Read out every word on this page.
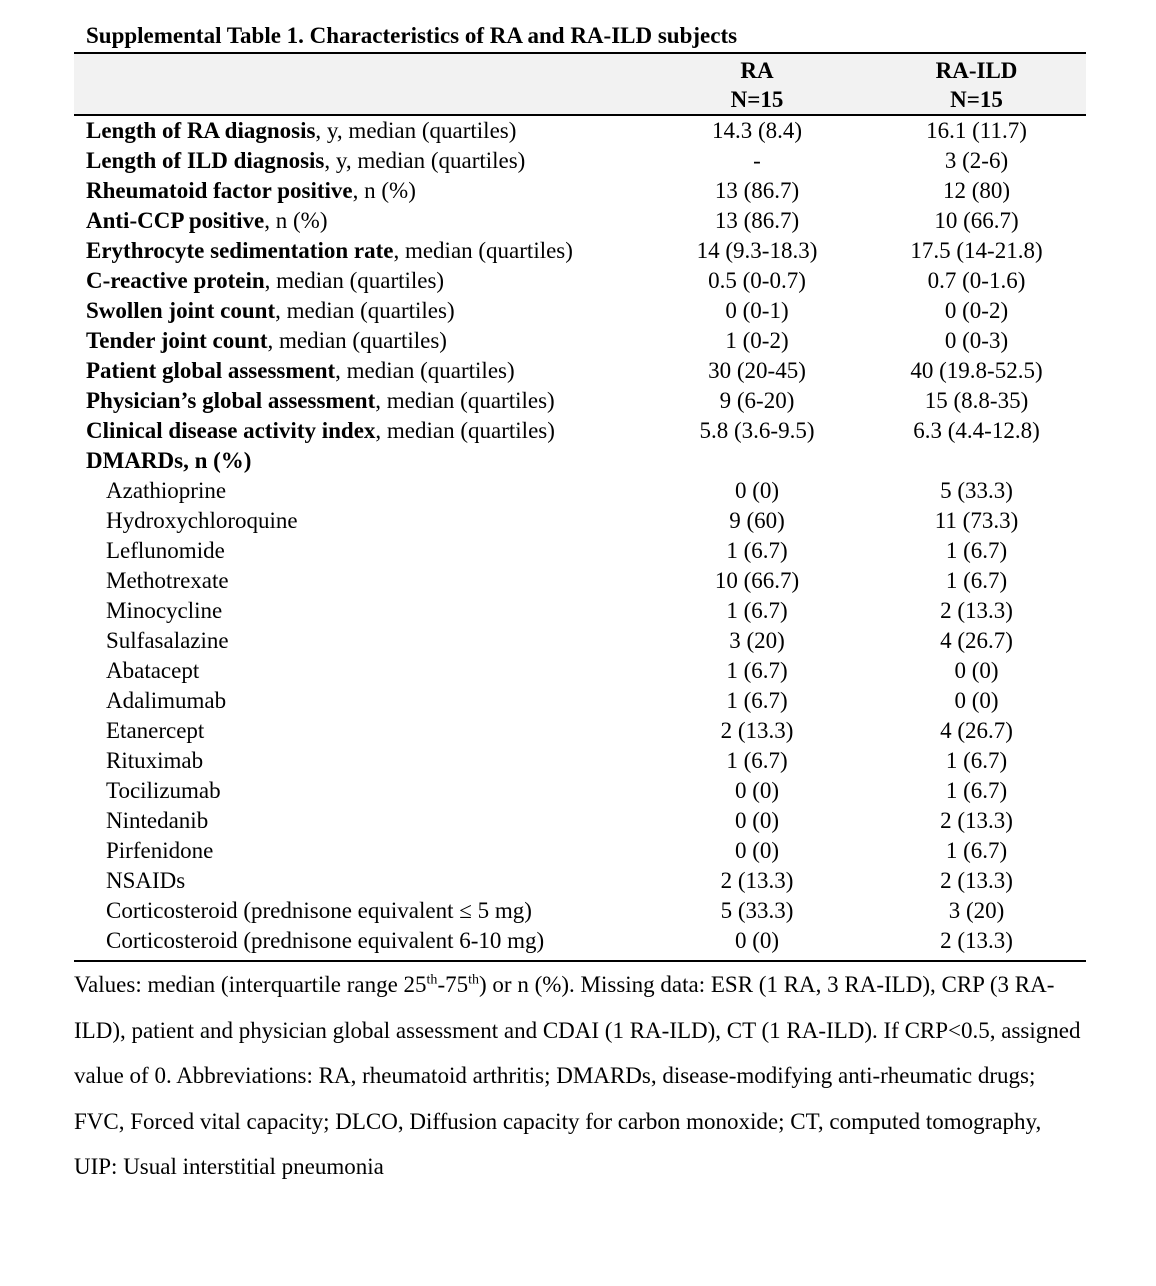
Supplemental Table 1. Characteristics of RA and RA-ILD subjects
	RA	RA-ILD
	N=15	N=15
Length of RA diagnosis, y, median (quartiles)	14.3 (8.4)	16.1 (11.7)
Length of ILD diagnosis, y, median (quartiles)	-	3 (2-6)
Rheumatoid factor positive, n (%)	13 (86.7)	12 (80)
Anti-CCP positive, n (%)	13 (86.7)	10 (66.7)
Erythrocyte sedimentation rate, median (quartiles)	14 (9.3-18.3)	17.5 (14-21.8)
C-reactive protein, median (quartiles)	0.5 (0-0.7)	0.7 (0-1.6)
Swollen joint count, median (quartiles)	0 (0-1)	0 (0-2)
Tender joint count, median (quartiles)	1 (0-2)	0 (0-3)
Patient global assessment, median (quartiles)	30 (20-45)	40 (19.8-52.5)
Physician’s global assessment, median (quartiles)	9 (6-20)	15 (8.8-35)
Clinical disease activity index, median (quartiles)	5.8 (3.6-9.5)	6.3 (4.4-12.8)
DMARDs, n (%)		
Azathioprine	0 (0)	5 (33.3)
Hydroxychloroquine	9 (60)	11 (73.3)
Leflunomide	1 (6.7)	1 (6.7)
Methotrexate	10 (66.7)	1 (6.7)
Minocycline	1 (6.7)	2 (13.3)
Sulfasalazine	3 (20)	4 (26.7)
Abatacept	1 (6.7)	0 (0)
Adalimumab	1 (6.7)	0 (0)
Etanercept	2 (13.3)	4 (26.7)
Rituximab	1 (6.7)	1 (6.7)
Tocilizumab	0 (0)	1 (6.7)
Nintedanib	0 (0)	2 (13.3)
Pirfenidone	0 (0)	1 (6.7)
NSAIDs	2 (13.3)	2 (13.3)
Corticosteroid (prednisone equivalent ≤ 5 mg)	5 (33.3)	3 (20)
Corticosteroid (prednisone equivalent 6-10 mg)	0 (0)	2 (13.3)
Values: median (interquartile range 25th-75th) or n (%). Missing data: ESR (1 RA, 3 RA-ILD), CRP (3 RA-ILD), patient and physician global assessment and CDAI (1 RA-ILD), CT (1 RA-ILD). If CRP<0.5, assigned value of 0. Abbreviations: RA, rheumatoid arthritis; DMARDs, disease-modifying anti-rheumatic drugs; FVC, Forced vital capacity; DLCO, Diffusion capacity for carbon monoxide; CT, computed tomography, UIP: Usual interstitial pneumonia
